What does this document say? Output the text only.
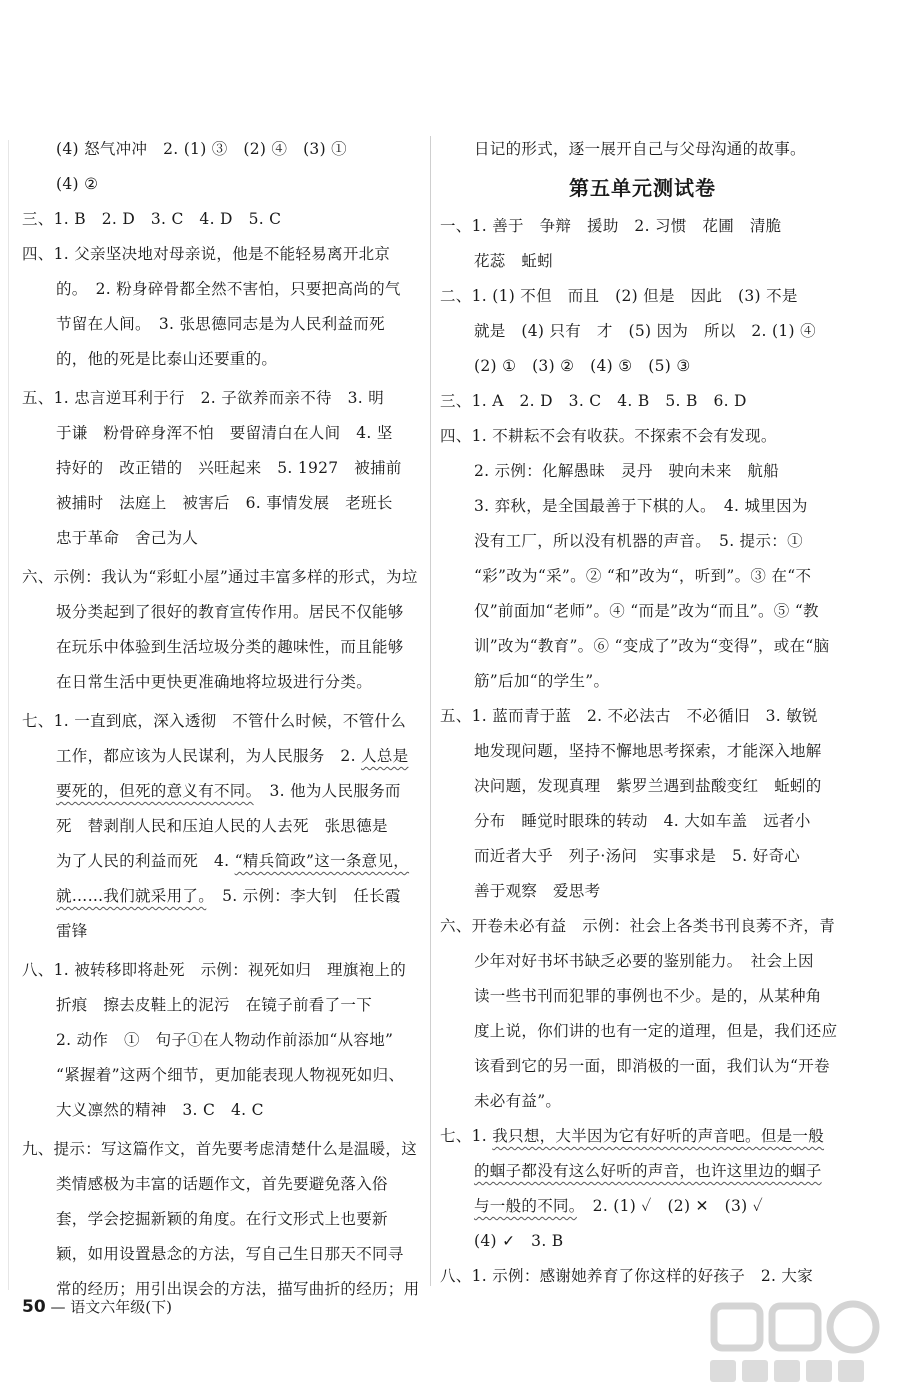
(4) 怒气冲冲　2. (1) ③　(2) ④　(3) ①
(4) ②
三、1. B　2. D　3. C　4. D　5. C
四、1. 父亲坚决地对母亲说，他是不能轻易离开北京
的。　2. 粉身碎骨都全然不害怕，只要把高尚的气
节留在人间。　3. 张思德同志是为人民利益而死
的，他的死是比泰山还要重的。
五、1. 忠言逆耳利于行　2. 子欲养而亲不待　3. 明
于谦　粉骨碎身浑不怕　要留清白在人间　4. 坚
持好的　改正错的　兴旺起来　5. 1927　被捕前
被捕时　法庭上　被害后　6. 事情发展　老班长
忠于革命　舍己为人
六、示例：我认为“彩虹小屋”通过丰富多样的形式，为垃
圾分类起到了很好的教育宣传作用。居民不仅能够
在玩乐中体验到生活垃圾分类的趣味性，而且能够
在日常生活中更快更准确地将垃圾进行分类。
七、1. 一直到底，深入透彻　不管什么时候，不管什么
工作，都应该为人民谋利，为人民服务　2. 人总是
要死的，但死的意义有不同。　3. 他为人民服务而
死　替剥削人民和压迫人民的人去死　张思德是
为了人民的利益而死　4. “精兵简政”这一条意见，
就……我们就采用了。　5. 示例：李大钊　任长霞
雷锋
八、1. 被转移即将赴死　示例：视死如归　理旗袍上的
折痕　擦去皮鞋上的泥污　在镜子前看了一下
2. 动作　①　句子①在人物动作前添加“从容地”
“紧握着”这两个细节，更加能表现人物视死如归、
大义凛然的精神　3. C　4. C
九、提示：写这篇作文，首先要考虑清楚什么是温暖，这
类情感极为丰富的话题作文，首先要避免落入俗
套，学会挖掘新颖的角度。在行文形式上也要新
颖，如用设置悬念的方法，写自己生日那天不同寻
常的经历；用引出误会的方法，描写曲折的经历；用
日记的形式，逐一展开自己与父母沟通的故事。
第五单元测试卷
一、1. 善于　争辩　援助　2. 习惯　花圃　清脆
花蕊　蚯蚓
二、1. (1) 不但　而且　(2) 但是　因此　(3) 不是
就是　(4) 只有　才　(5) 因为　所以　2. (1) ④
(2) ①　(3) ②　(4) ⑤　(5) ③
三、1. A　2. D　3. C　4. B　5. B　6. D
四、1. 不耕耘不会有收获。不探索不会有发现。
2. 示例：化解愚昧　灵丹　驶向未来　航船
3. 弈秋，是全国最善于下棋的人。　4. 城里因为
没有工厂，所以没有机器的声音。　5. 提示：①
“彩”改为“采”。② “和”改为“，听到”。③ 在“不
仅”前面加“老师”。④ “而是”改为“而且”。⑤ “教
训”改为“教育”。⑥ “变成了”改为“变得”，或在“脑
筋”后加“的学生”。
五、1. 蓝而青于蓝　2. 不必法古　不必循旧　3. 敏锐
地发现问题，坚持不懈地思考探索，才能深入地解
决问题，发现真理　紫罗兰遇到盐酸变红　蚯蚓的
分布　睡觉时眼珠的转动　4. 大如车盖　远者小
而近者大乎　列子·汤问　实事求是　5. 好奇心
善于观察　爱思考
六、开卷未必有益　示例：社会上各类书刊良莠不齐，青
少年对好书坏书缺乏必要的鉴别能力。　社会上因
读一些书刊而犯罪的事例也不少。是的，从某种角
度上说，你们讲的也有一定的道理，但是，我们还应
该看到它的另一面，即消极的一面，我们认为“开卷
未必有益”。
七、1. 我只想，大半因为它有好听的声音吧。但是一般
的蝈子都没有这么好听的声音，也许这里边的蝈子
与一般的不同。　2. (1) ✓　(2) ✕　(3) ✓
(4) ✓　3. B
八、1. 示例：感谢她养育了你这样的好孩子　2. 大家
50 — 语文六年级(下)
